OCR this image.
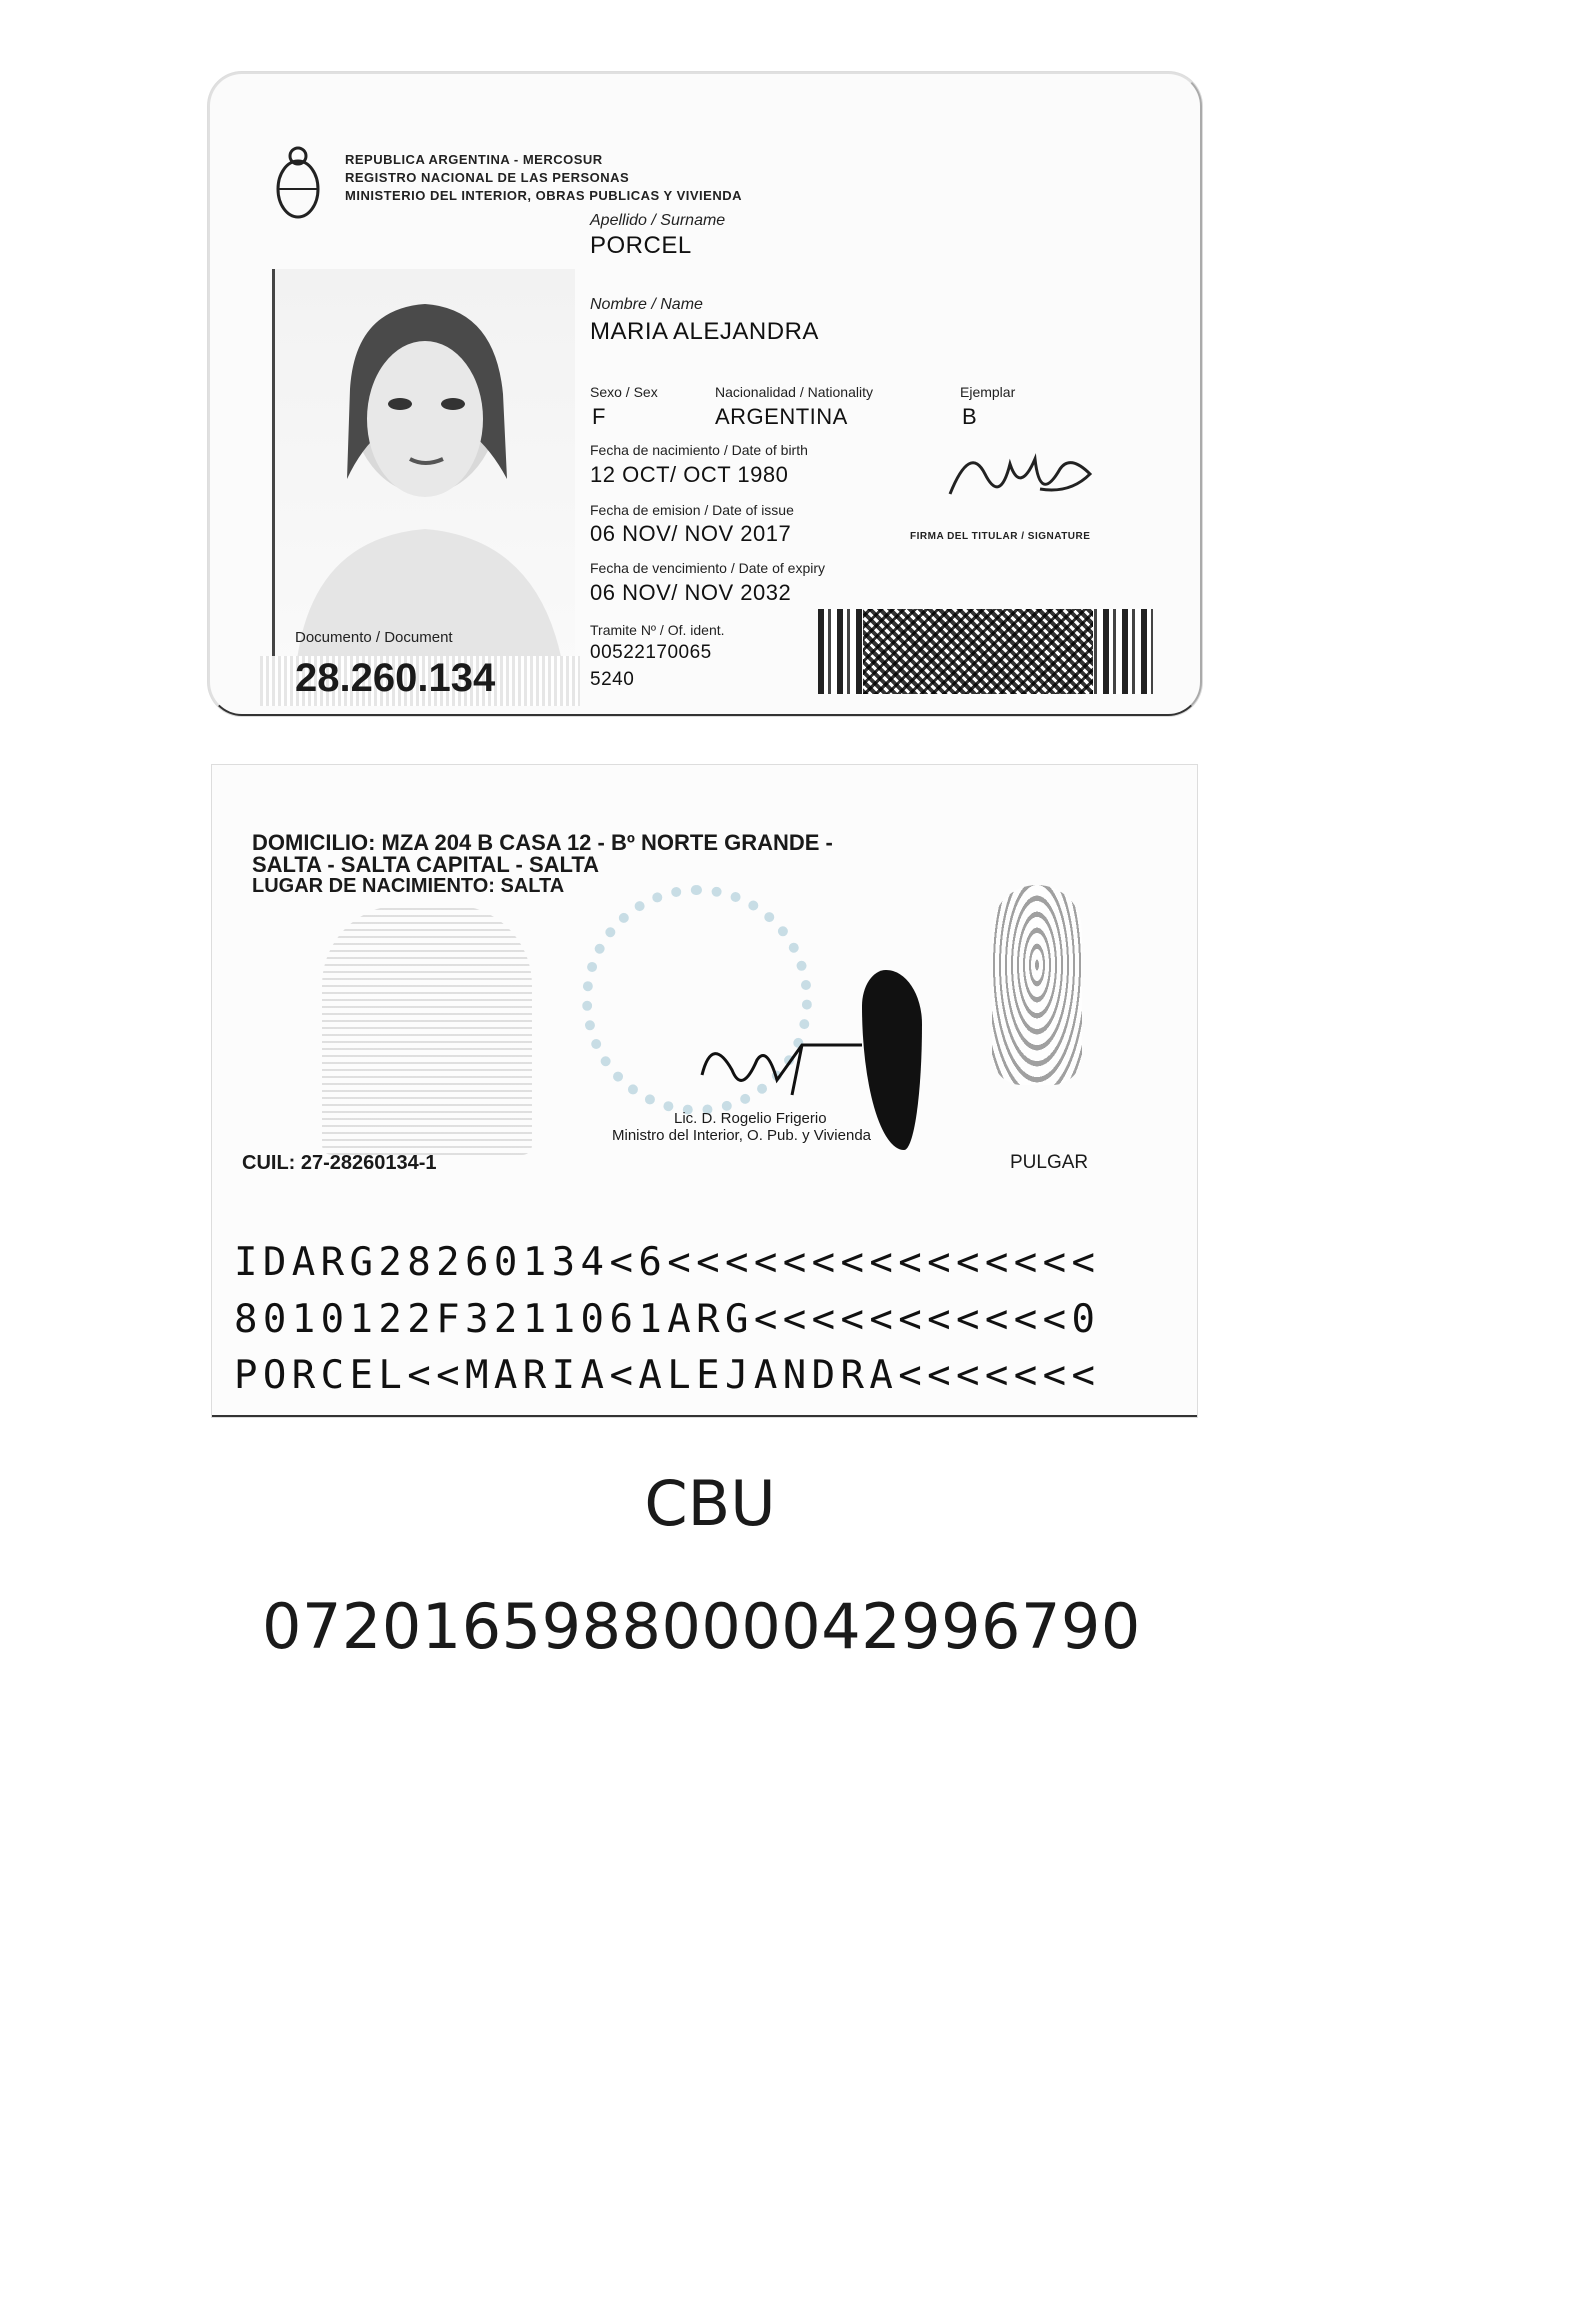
REPUBLICA ARGENTINA - MERCOSUR
REGISTRO NACIONAL DE LAS PERSONAS
MINISTERIO DEL INTERIOR, OBRAS PUBLICAS Y VIVIENDA
Apellido / Surname
PORCEL
Nombre / Name
MARIA ALEJANDRA
Sexo / Sex
F
Nacionalidad / Nationality
ARGENTINA
Ejemplar
B
Fecha de nacimiento / Date of birth
12 OCT/ OCT 1980
Fecha de emision / Date of issue
06 NOV/ NOV 2017
Fecha de vencimiento / Date of expiry
06 NOV/ NOV 2032
FIRMA DEL TITULAR / SIGNATURE
Documento / Document
28.260.134
Tramite Nº / Of. ident.
00522170065
5240
DOMICILIO: MZA 204 B CASA 12 - Bº NORTE GRANDE -
SALTA - SALTA CAPITAL - SALTA
LUGAR DE NACIMIENTO: SALTA
Lic. D. Rogelio Frigerio
Ministro del Interior, O. Pub. y Vivienda
PULGAR
CUIL: 27-28260134-1
IDARG28260134<6<<<<<<<<<<<<<<<
8010122F3211061ARG<<<<<<<<<<<0
PORCEL<<MARIA<ALEJANDRA<<<<<<<
CBU
0720165988000042996790
